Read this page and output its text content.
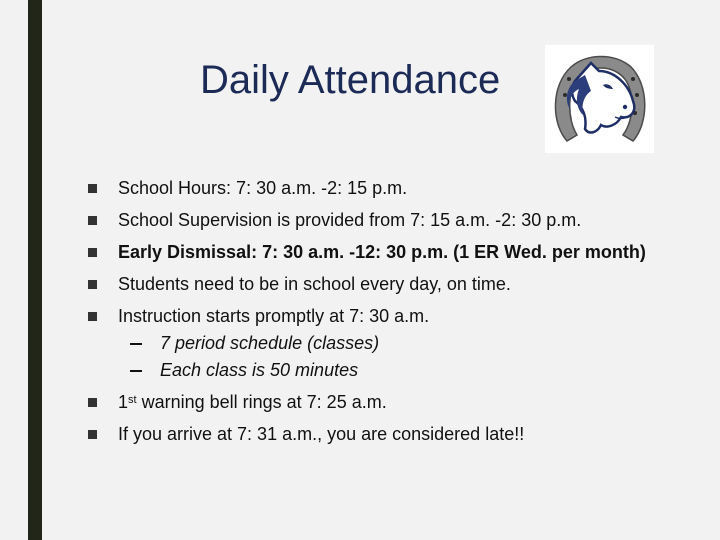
Daily Attendance
School Hours: 7: 30 a.m. -2: 15 p.m.
School Supervision is provided from 7: 15 a.m. -2: 30 p.m.
Early Dismissal: 7: 30 a.m. -12: 30 p.m. (1 ER Wed. per month)
Students need to be in school every day, on time.
Instruction starts promptly at 7: 30 a.m.
7 period schedule (classes)
Each class is 50 minutes
1st warning bell rings at 7: 25 a.m.
If you arrive at 7: 31 a.m., you are considered late!!
